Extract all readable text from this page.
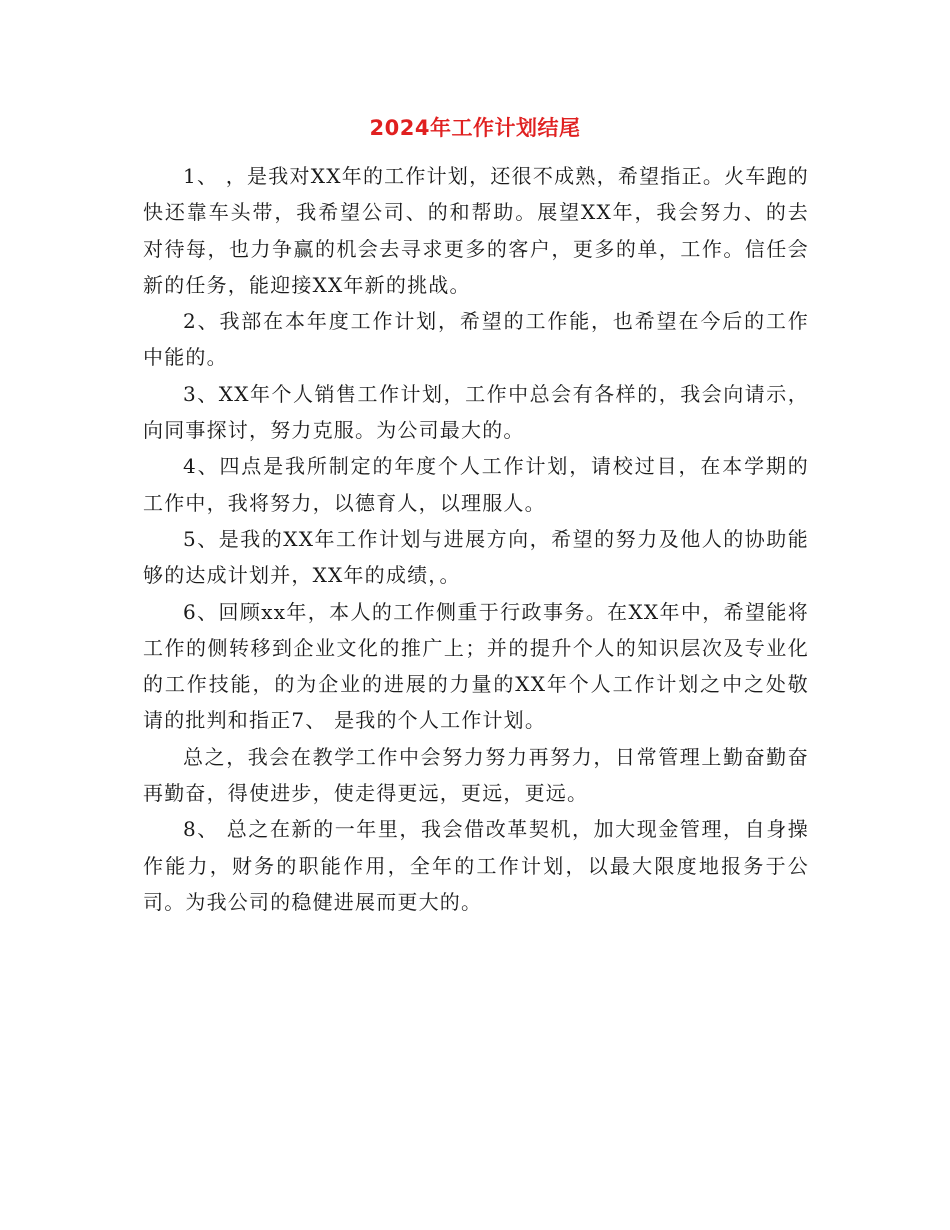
2024年工作计划结尾

1、 ，是我对XX年的工作计划，还很不成熟，希望指正。火车跑的快还靠车头带，我希望公司、的和帮助。展望XX年，我会努力、的去对待每，也力争赢的机会去寻求更多的客户，更多的单，工作。信任会新的任务，能迎接XX年新的挑战。

2、我部在本年度工作计划，希望的工作能，也希望在今后的工作中能的。

3、XX年个人销售工作计划，工作中总会有各样的，我会向请示，向同事探讨，努力克服。为公司最大的。

4、四点是我所制定的年度个人工作计划，请校过目，在本学期的工作中，我将努力，以德育人，以理服人。

5、是我的XX年工作计划与进展方向，希望的努力及他人的协助能够的达成计划并，XX年的成绩，。

6、回顾xx年，本人的工作侧重于行政事务。在XX年中，希望能将工作的侧转移到企业文化的推广上；并的提升个人的知识层次及专业化的工作技能，的为企业的进展的力量的XX年个人工作计划之中之处敬请的批判和指正7、 是我的个人工作计划。

总之，我会在教学工作中会努力努力再努力，日常管理上勤奋勤奋再勤奋，得使进步，使走得更远，更远，更远。

8、 总之在新的一年里，我会借改革契机，加大现金管理，自身操作能力，财务的职能作用，全年的工作计划，以最大限度地报务于公司。为我公司的稳健进展而更大的。
